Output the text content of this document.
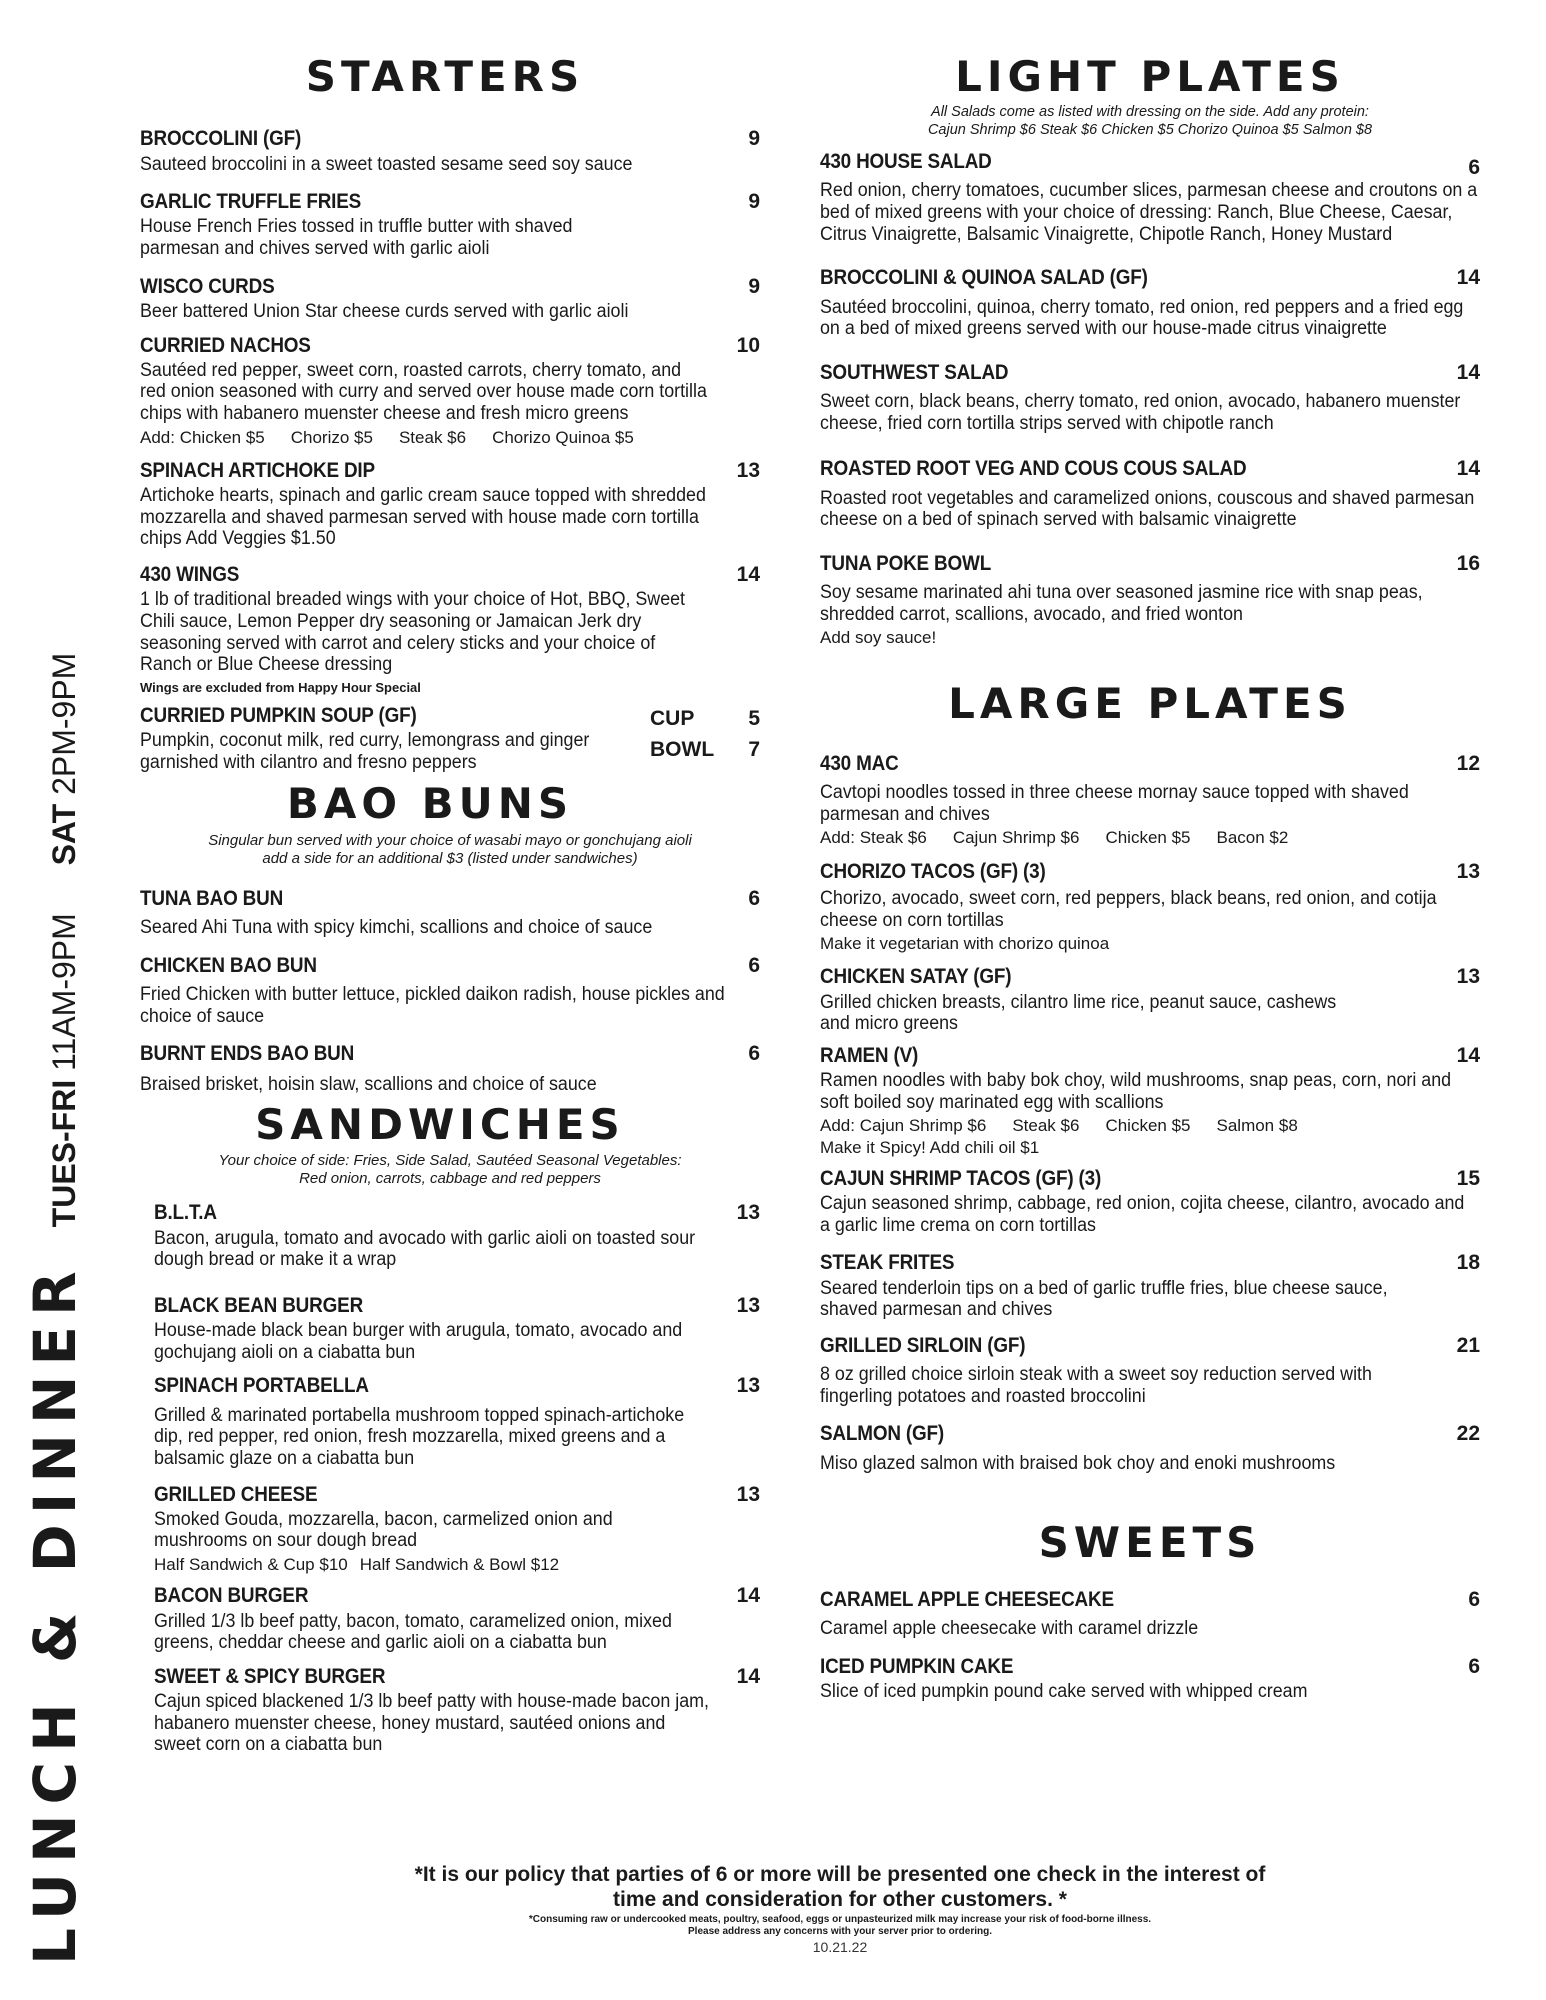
LUNCH & DINNER
TUES-FRI 11AM-9PM  SAT 2PM-9PM
STARTERS
BROCCOLINI (GF)	9
Sauteed broccolini in a sweet toasted sesame seed soy sauce
GARLIC TRUFFLE FRIES	9
House French Fries tossed in truffle butter with shaved parmesan and chives served with garlic aioli
WISCO CURDS	9
Beer battered Union Star cheese curds served with garlic aioli
CURRIED NACHOS	10
Sautéed red pepper, sweet corn, roasted carrots, cherry tomato, and red onion seasoned with curry and served over house made corn tortilla chips with habanero muenster cheese and fresh micro greens
Add: Chicken $5 Chorizo $5 Steak $6 Chorizo Quinoa $5
SPINACH ARTICHOKE DIP	13
Artichoke hearts, spinach and garlic cream sauce topped with shredded mozzarella and shaved parmesan served with house made corn tortilla chips Add Veggies $1.50
430 WINGS	14
1 lb of traditional breaded wings with your choice of Hot, BBQ, Sweet Chili sauce, Lemon Pepper dry seasoning or Jamaican Jerk dry seasoning served with carrot and celery sticks and your choice of Ranch or Blue Cheese dressing
Wings are excluded from Happy Hour Special
CURRIED PUMPKIN SOUP (GF)	CUP	5
BOWL 7
Pumpkin, coconut milk, red curry, lemongrass and ginger garnished with cilantro and fresno peppers
BAO BUNS
Singular bun served with your choice of wasabi mayo or gonchujang aioli
add a side for an additional $3 (listed under sandwiches)
TUNA BAO BUN	6
Seared Ahi Tuna with spicy kimchi, scallions and choice of sauce
CHICKEN BAO BUN	6
Fried Chicken with butter lettuce, pickled daikon radish, house pickles and choice of sauce
BURNT ENDS BAO BUN	6
Braised brisket, hoisin slaw, scallions and choice of sauce
SANDWICHES
Your choice of side: Fries, Side Salad, Sautéed Seasonal Vegetables:
Red onion, carrots, cabbage and red peppers
B.L.T.A	13
Bacon, arugula, tomato and avocado with garlic aioli on toasted sour dough bread or make it a wrap
BLACK BEAN BURGER	13
House-made black bean burger with arugula, tomato, avocado and gochujang aioli on a ciabatta bun
SPINACH PORTABELLA	13
Grilled & marinated portabella mushroom topped spinach-artichoke dip, red pepper, red onion, fresh mozzarella, mixed greens and a balsamic glaze on a ciabatta bun
GRILLED CHEESE	13
Smoked Gouda, mozzarella, bacon, carmelized onion and mushrooms on sour dough bread
Half Sandwich & Cup $10 Half Sandwich & Bowl $12
BACON BURGER	14
Grilled 1/3 lb beef patty, bacon, tomato, caramelized onion, mixed greens, cheddar cheese and garlic aioli on a ciabatta bun
SWEET & SPICY BURGER	14
Cajun spiced blackened 1/3 lb beef patty with house-made bacon jam, habanero muenster cheese, honey mustard, sautéed onions and sweet corn on a ciabatta bun
LIGHT PLATES
All Salads come as listed with dressing on the side. Add any protein:
Cajun Shrimp $6 Steak $6 Chicken $5 Chorizo Quinoa $5 Salmon $8
430 HOUSE SALAD	6
Red onion, cherry tomatoes, cucumber slices, parmesan cheese and croutons on a bed of mixed greens with your choice of dressing: Ranch, Blue Cheese, Caesar, Citrus Vinaigrette, Balsamic Vinaigrette, Chipotle Ranch, Honey Mustard
BROCCOLINI & QUINOA SALAD (GF)	14
Sautéed broccolini, quinoa, cherry tomato, red onion, red peppers and a fried egg on a bed of mixed greens served with our house-made citrus vinaigrette
SOUTHWEST SALAD	14
Sweet corn, black beans, cherry tomato, red onion, avocado, habanero muenster cheese, fried corn tortilla strips served with chipotle ranch
ROASTED ROOT VEG AND COUS COUS SALAD	14
Roasted root vegetables and caramelized onions, couscous and shaved parmesan cheese on a bed of spinach served with balsamic vinaigrette
TUNA POKE BOWL	16
Soy sesame marinated ahi tuna over seasoned jasmine rice with snap peas, shredded carrot, scallions, avocado, and fried wonton
Add soy sauce!
LARGE PLATES
430 MAC	12
Cavtopi noodles tossed in three cheese mornay sauce topped with shaved parmesan and chives
Add: Steak $6 Cajun Shrimp $6 Chicken $5 Bacon $2
CHORIZO TACOS (GF) (3)	13
Chorizo, avocado, sweet corn, red peppers, black beans, red onion, and cotija cheese on corn tortillas
Make it vegetarian with chorizo quinoa
CHICKEN SATAY (GF)	13
Grilled chicken breasts, cilantro lime rice, peanut sauce, cashews and micro greens
RAMEN (V)	14
Ramen noodles with baby bok choy, wild mushrooms, snap peas, corn, nori and soft boiled soy marinated egg with scallions
Add: Cajun Shrimp $6 Steak $6 Chicken $5 Salmon $8
Make it Spicy! Add chili oil $1
CAJUN SHRIMP TACOS (GF) (3)	15
Cajun seasoned shrimp, cabbage, red onion, cojita cheese, cilantro, avocado and a garlic lime crema on corn tortillas
STEAK FRITES	18
Seared tenderloin tips on a bed of garlic truffle fries, blue cheese sauce, shaved parmesan and chives
GRILLED SIRLOIN (GF)	21
8 oz grilled choice sirloin steak with a sweet soy reduction served with fingerling potatoes and roasted broccolini
SALMON (GF)	22
Miso glazed salmon with braised bok choy and enoki mushrooms
SWEETS
CARAMEL APPLE CHEESECAKE	6
Caramel apple cheesecake with caramel drizzle
ICED PUMPKIN CAKE	6
Slice of iced pumpkin pound cake served with whipped cream
*It is our policy that parties of 6 or more will be presented one check in the interest of
time and consideration for other customers. *
*Consuming raw or undercooked meats, poultry, seafood, eggs or unpasteurized milk may increase your risk of food-borne illness.
Please address any concerns with your server prior to ordering.
10.21.22
